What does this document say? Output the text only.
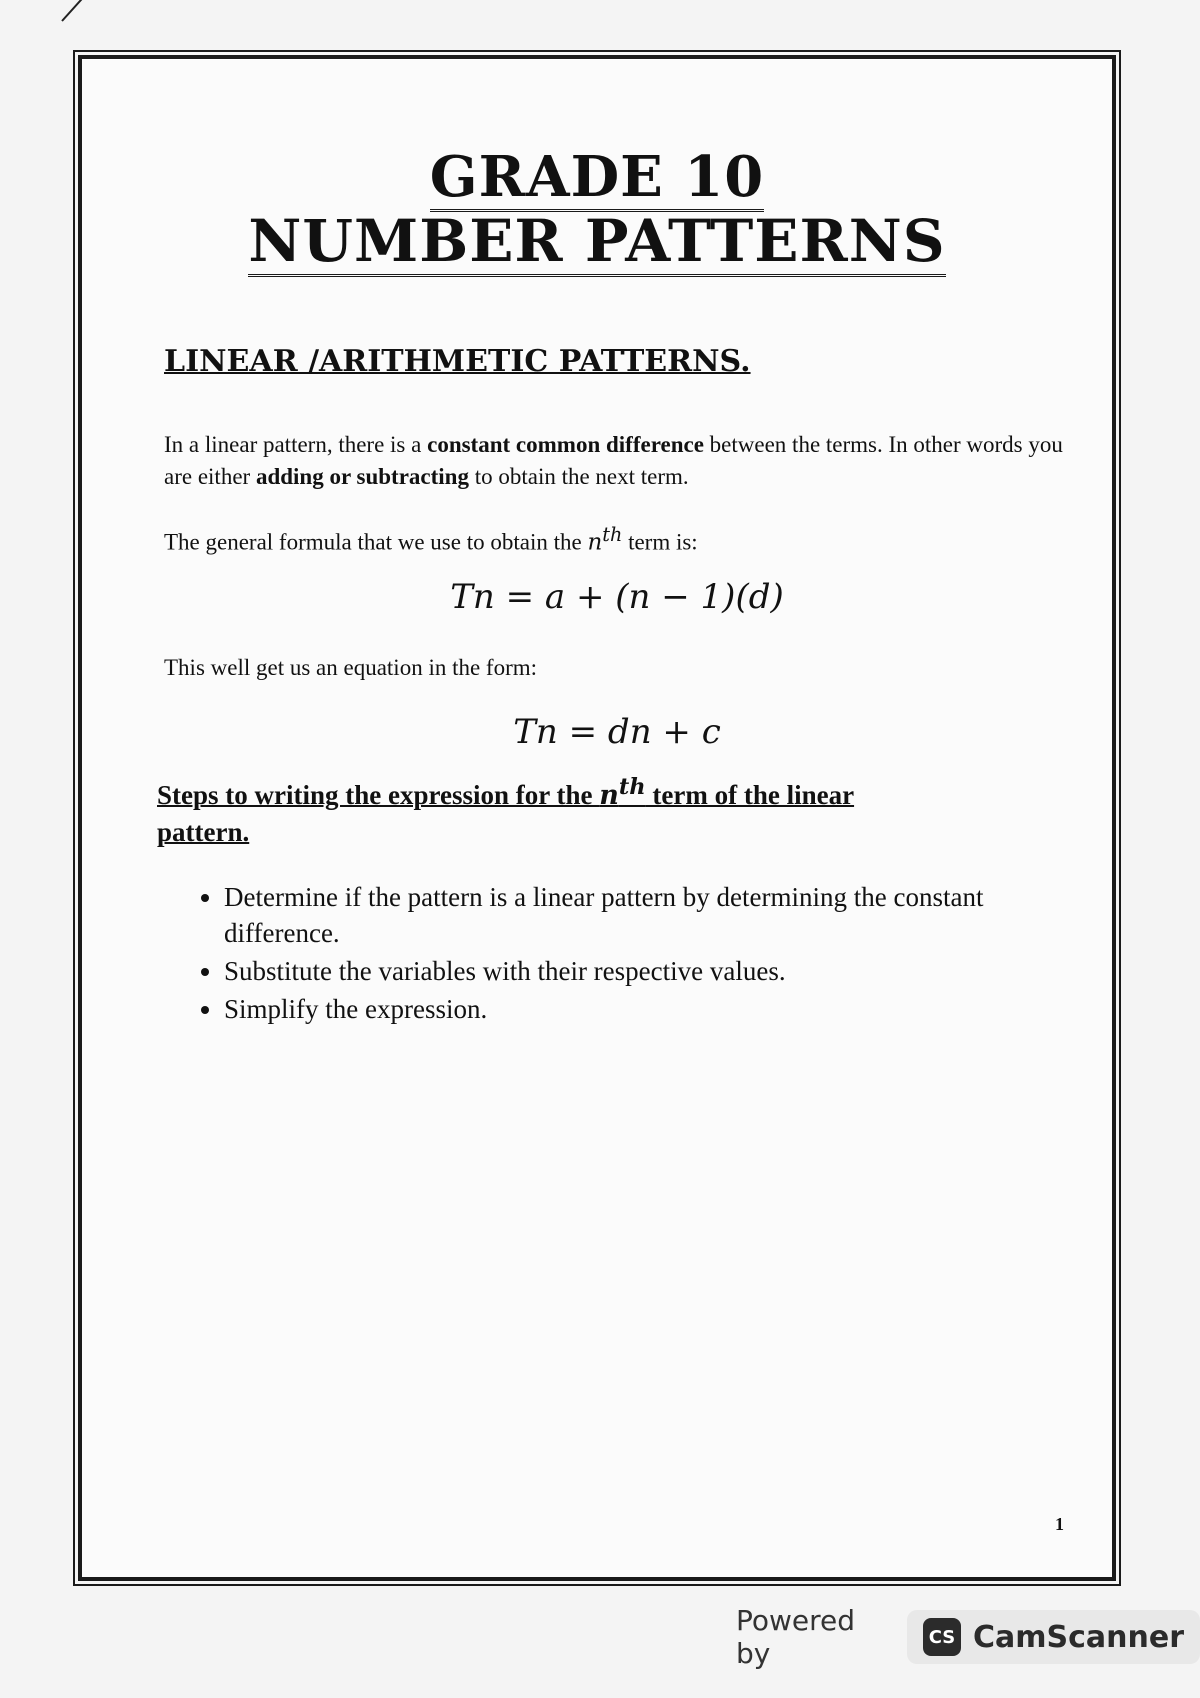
GRADE 10
NUMBER PATTERNS
LINEAR /ARITHMETIC PATTERNS.
In a linear pattern, there is a constant common difference between the terms. In other words you are either adding or subtracting to obtain the next term.
The general formula that we use to obtain the $n^{th}$ term is:
Tn = a + (n − 1)(d)
This well get us an equation in the form:
Tn = dn + c
Steps to writing the expression for the $n^{th}$ term of the linear pattern.
• Determine if the pattern is a linear pattern by determining the constant difference.
• Substitute the variables with their respective values.
• Simplify the expression.
1
Powered by	CS CamScanner
